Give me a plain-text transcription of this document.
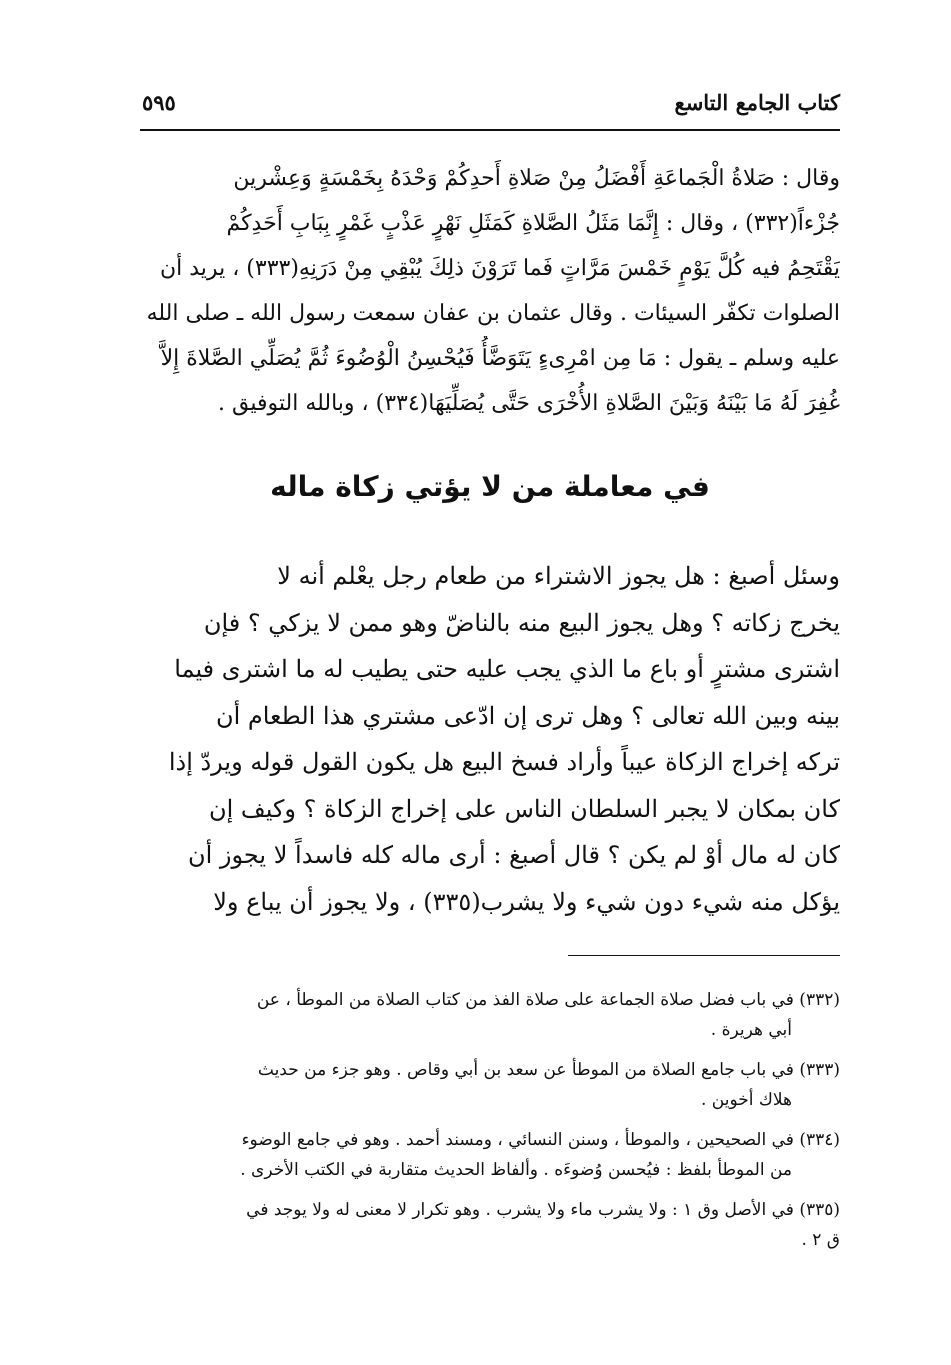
كتاب الجامع التاسع
٥٩٥
وقال : صَلاةُ الْجَماعَةِ أَفْضَلُ مِنْ صَلاةِ أَحدِكُمْ وَحْدَهُ بِخَمْسَةٍ وَعِشْرين
جُزْءاً(٣٣٢) ، وقال : إِنَّمَا مَثَلُ الصَّلاةِ كَمَثَلِ نَهْرٍ عَذْبٍ غَمْرٍ بِبَابِ أَحَدِكُمْ
يَقْتَحِمُ فيه كُلَّ يَوْمٍ خَمْسَ مَرَّاتٍ فَما تَرَوْنَ ذلِكَ يُبْقِي مِنْ دَرَنِهِ(٣٣٣) ، يريد أن
الصلوات تكفّر السيئات . وقال عثمان بن عفان سمعت رسول الله ـ صلى الله
عليه وسلم ـ يقول : مَا مِن امْرِىءٍ يَتَوَضَّأُ فَيُحْسِنُ الْوُضُوءَ ثُمَّ يُصَلِّي الصَّلاةَ إِلاَّ
غُفِرَ لَهُ مَا بَيْنَهُ وَبَيْنَ الصَّلاةِ الأُخْرَى حَتَّى يُصَلِّيَهَا(٣٣٤) ، وبالله التوفيق .
في معاملة من لا يؤتي زكاة ماله
وسئل أصبغ : هل يجوز الاشتراء من طعام رجل يعْلم أنه لا
يخرج زكاته ؟ وهل يجوز البيع منه بالناضّ وهو ممن لا يزكي ؟ فإن
اشترى مشترٍ أو باع ما الذي يجب عليه حتى يطيب له ما اشترى فيما
بينه وبين الله تعالى ؟ وهل ترى إن ادّعى مشتري هذا الطعام أن
تركه إخراج الزكاة عيباً وأراد فسخ البيع هل يكون القول قوله ويردّ إذا
كان بمكان لا يجبر السلطان الناس على إخراج الزكاة ؟ وكيف إن
كان له مال أوْ لم يكن ؟ قال أصبغ : أرى ماله كله فاسداً لا يجوز أن
يؤكل منه شيء دون شيء ولا يشرب(٣٣٥) ، ولا يجوز أن يباع ولا
(٣٣٢) في باب فضل صلاة الجماعة على صلاة الفذ من كتاب الصلاة من الموطأ ، عن
أبي هريرة .
(٣٣٣) في باب جامع الصلاة من الموطأ عن سعد بن أبي وقاص . وهو جزء من حديث
هلاك أخوين .
(٣٣٤) في الصحيحين ، والموطأ ، وسنن النسائي ، ومسند أحمد . وهو في جامع الوضوء
من الموطأ بلفظ : فيُحسن وُضوءَه . وألفاظ الحديث متقاربة في الكتب الأخرى .
(٣٣٥) في الأصل وق ١ : ولا يشرب ماء ولا يشرب . وهو تكرار لا معنى له ولا يوجد في
ق ٢ .
